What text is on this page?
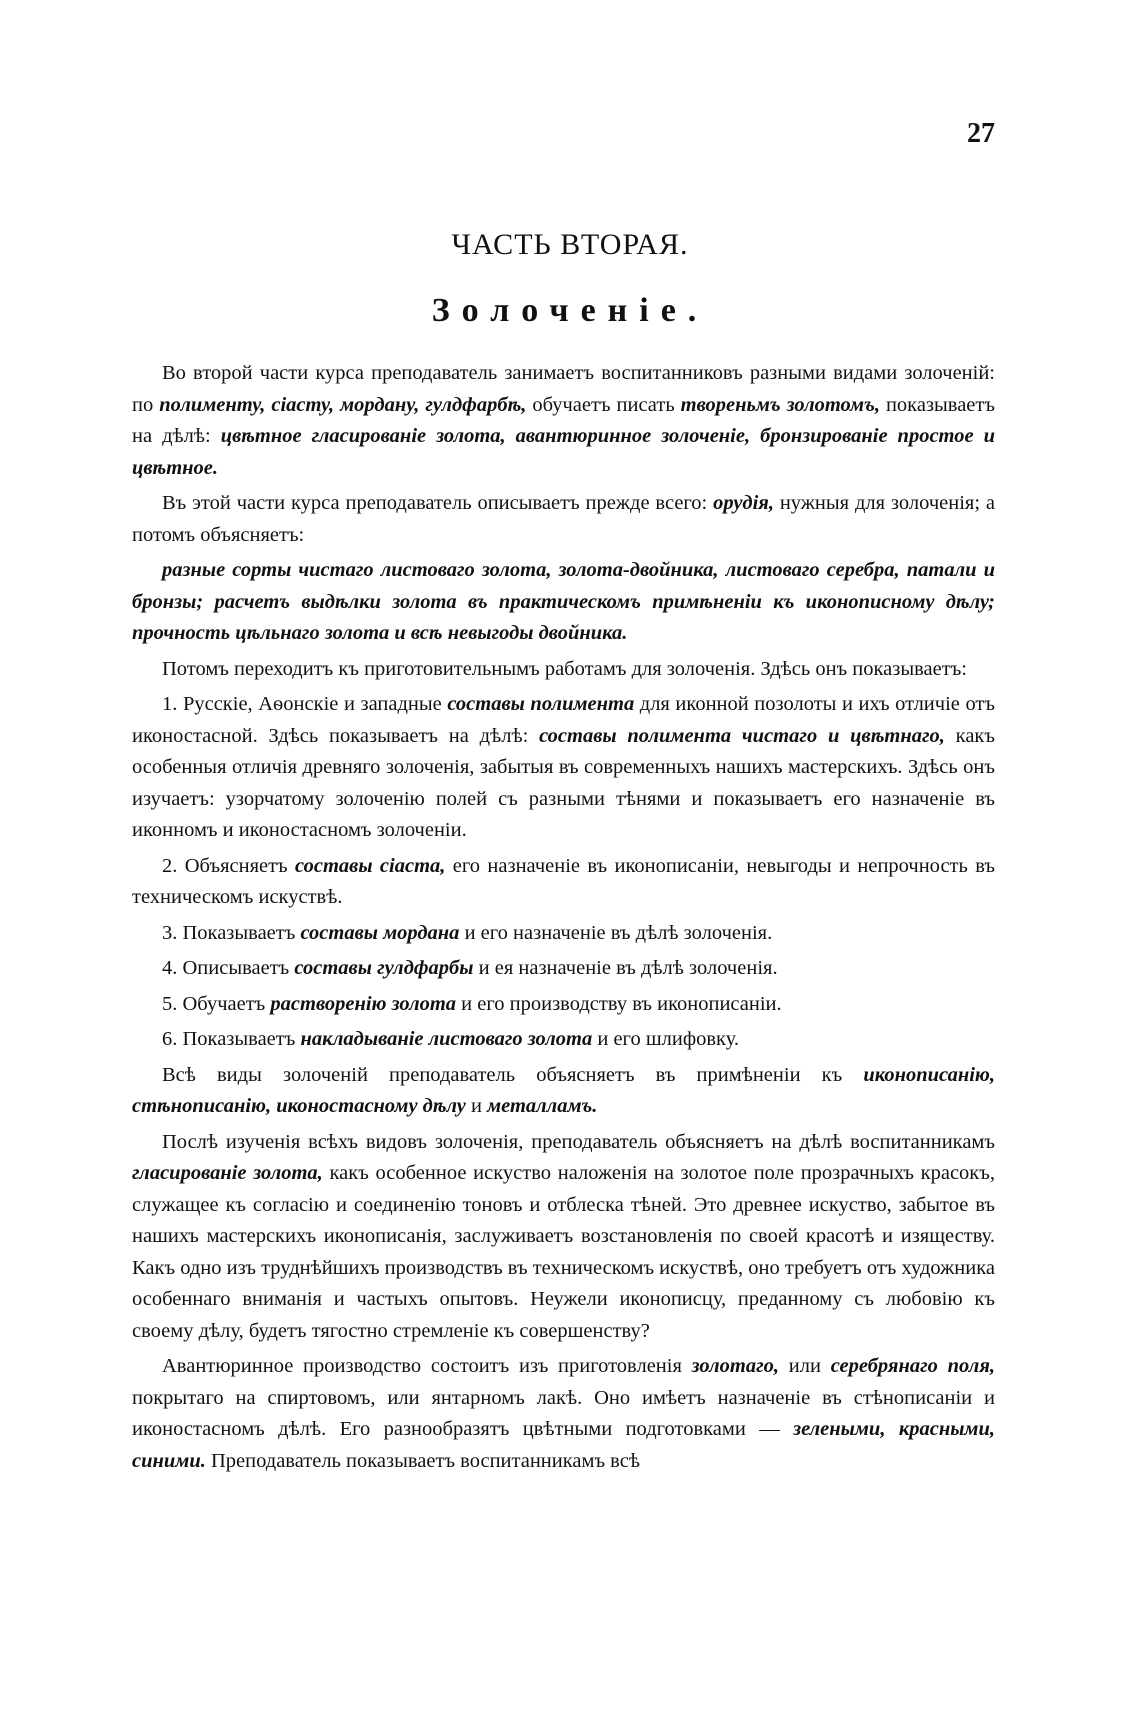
27
ЧАСТЬ ВТОРАЯ.
Золоченіе.

Во второй части курса преподаватель занимаетъ воспитанниковъ разными видами золоченій: по полименту, сіасту, мордану, гулдфарбѣ, обучаетъ писать твореньмъ золотомъ, показываетъ на дѣлѣ: цвѣтное гласированіе золота, авантюринное золоченіе, бронзированіе простое и цвѣтное.

Въ этой части курса преподаватель описываетъ прежде всего: орудія, нужныя для золоченія; а потомъ объясняетъ:

разные сорты чистаго листоваго золота, золота-двойника, листоваго серебра, патали и бронзы; расчетъ выдѣлки золота въ практическомъ примѣненіи къ иконописному дѣлу; прочность цѣльнаго золота и всѣ невыгоды двойника.

Потомъ переходитъ къ приготовительнымъ работамъ для золоченія. Здѣсь онъ показываетъ:

1. Русскіе, Аѳонскіе и западные составы полимента для иконной позолоты и ихъ отличіе отъ иконостасной. Здѣсь показываетъ на дѣлѣ: составы полимента чистаго и цвѣтнаго, какъ особенныя отличія древняго золоченія, забытыя въ современныхъ нашихъ мастерскихъ. Здѣсь онъ изучаетъ: узорчатому золоченію полей съ разными тѣнями и показываетъ его назначеніе въ иконномъ и иконостасномъ золоченіи.

2. Объясняетъ составы сіаста, его назначеніе въ иконописаніи, невыгоды и непрочность въ техническомъ искуствѣ.

3. Показываетъ составы мордана и его назначеніе въ дѣлѣ золоченія.

4. Описываетъ составы гулдфарбы и ея назначеніе въ дѣлѣ золоченія.

5. Обучаетъ растворенію золота и его производству въ иконописаніи.

6. Показываетъ накладываніе листоваго золота и его шлифовку.

Всѣ виды золоченій преподаватель объясняетъ въ примѣненіи къ иконописанію, стѣнописанію, иконостасному дѣлу и металламъ.

Послѣ изученія всѣхъ видовъ золоченія, преподаватель объясняетъ на дѣлѣ воспитанникамъ гласированіе золота, какъ особенное искуство наложенія на золотое поле прозрачныхъ красокъ, служащее къ согласію и соединенію тоновъ и отблеска тѣней. Это древнее искуство, забытое въ нашихъ мастерскихъ иконописанія, заслуживаетъ возстановленія по своей красотѣ и изяществу. Какъ одно изъ труднѣйшихъ производствъ въ техническомъ искуствѣ, оно требуетъ отъ художника особеннаго вниманія и частыхъ опытовъ. Неужели иконописцу, преданному съ любовію къ своему дѣлу, будетъ тягостно стремленіе къ совершенству?

Авантюринное производство состоитъ изъ приготовленія золотаго, или серебрянаго поля, покрытаго на спиртовомъ, или янтарномъ лакѣ. Оно имѣетъ назначеніе въ стѣнописаніи и иконостасномъ дѣлѣ. Его разнообразятъ цвѣтными подготовками — зелеными, красными, синими. Преподаватель показываетъ воспитанникамъ всѣ
